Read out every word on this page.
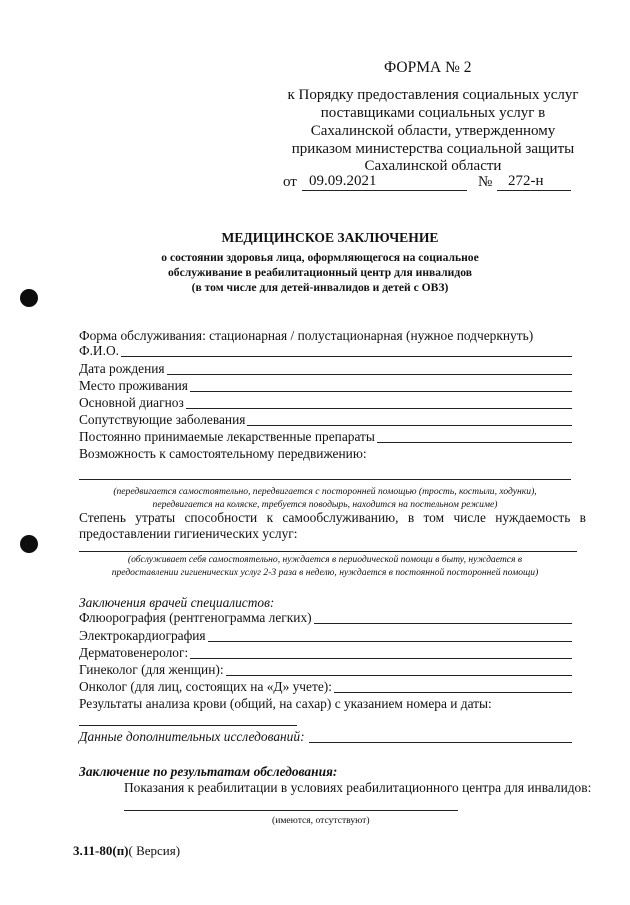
ФОРМА № 2
к Порядку предоставления социальных услуг
поставщиками социальных услуг в
Сахалинской области, утвержденному
приказом министерства социальной защиты
Сахалинской области
от 09.09.2021	№ 272-н
МЕДИЦИНСКОЕ ЗАКЛЮЧЕНИЕ
о состоянии здоровья лица, оформляющегося на социальное
обслуживание в реабилитационный центр для инвалидов
(в том числе для детей-инвалидов и детей с ОВЗ)
Форма обслуживания: стационарная / полустационарная (нужное подчеркнуть)
Ф.И.О.
Дата рождения
Место проживания
Основной диагноз
Сопутствующие заболевания
Постоянно принимаемые лекарственные препараты
Возможность к самостоятельному передвижению:
(передвигается самостоятельно, передвигается с посторонней помощью (трость, костыли, ходунки),
передвигается на коляске, требуется поводырь, находится на постельном режиме)
Степень утраты способности к самообслуживанию, в том числе нуждаемость в
предоставлении гигиенических услуг:
(обслуживает себя самостоятельно, нуждается в периодической помощи в быту, нуждается в
предоставлении гигиенических услуг 2-3 раза в неделю, нуждается в постоянной посторонней помощи)
Заключения врачей специалистов:
Флюорография (рентгенограмма легких)
Электрокардиография
Дерматовенеролог:
Гинеколог (для женщин):
Онколог (для лиц, состоящих на «Д» учете):
Результаты анализа крови (общий, на сахар) с указанием номера и даты:
Данные дополнительных исследований:
Заключение по результатам обследования:
Показания к реабилитации в условиях реабилитационного центра для инвалидов:
(имеются, отсутствуют)
3.11-80(п)( Версия)
